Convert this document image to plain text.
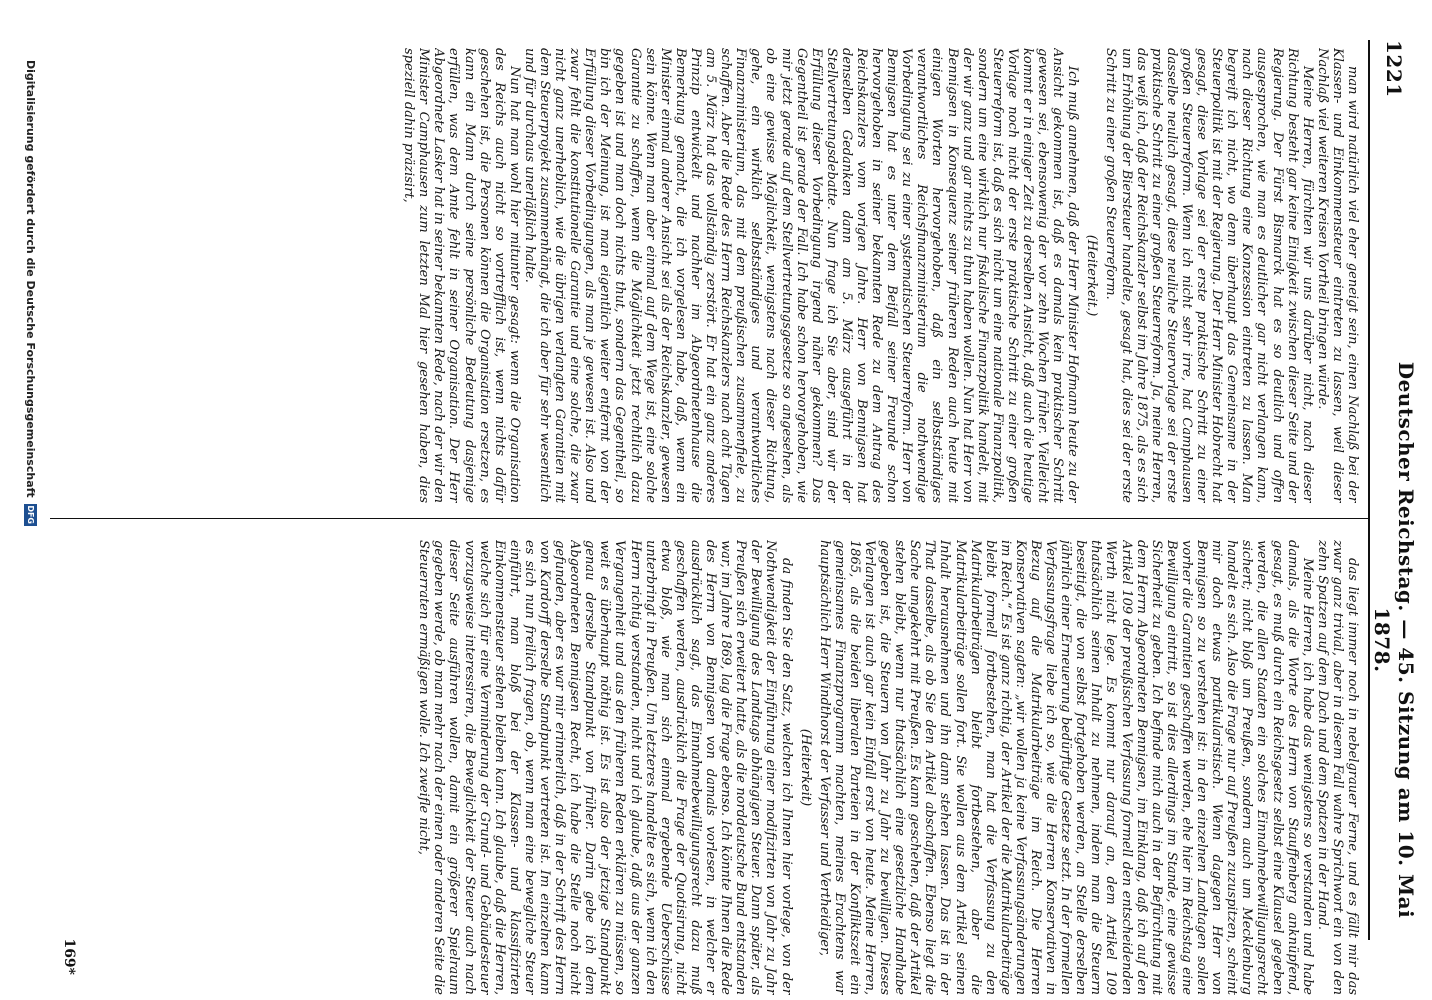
1221
Deutscher Reichstag. — 45. Sitzung am 10. Mai 1878.

man wird natürlich viel eher geneigt sein, einen Nachlaß bei der Klassen- und Einkommensteuer eintreten zu lassen, weil dieser Nachlaß viel weiteren Kreisen Vortheil bringen würde.

Meine Herren, fürchten wir uns darüber nicht, nach dieser Richtung besteht gar keine Einigkeit zwischen dieser Seite und der Regierung. Der Fürst Bismarck hat es so deutlich und offen ausgesprochen, wie man es deutlicher gar nicht verlangen kann, nach dieser Richtung eine Konzession eintreten zu lassen. Man begreift ich nicht, wo denn überhaupt das Gemeinsame in der Steuerpolitik ist mit der Regierung. Der Herr Minister Hobrecht hat gesagt, diese Vorlage sei der erste praktische Schritt zu einer großen Steuerreform. Wenn ich nicht sehr irre, hat Camphausen dasselbe neulich gesagt, diese neuliche Steuervorlage sei der erste praktische Schritt zu einer großen Steuerreform. Ja, meine Herren, das weiß ich, daß der Reichskanzler selbst im Jahre 1875, als es sich um Erhöhung der Biersteuer handelte, gesagt hat, dies sei der erste Schritt zu einer großen Steuerreform.

(Heiterkeit.)

Ich muß annehmen, daß der Herr Minister Hofmann heute zu der Ansicht gekommen ist, daß es damals kein praktischer Schritt gewesen sei, ebensowenig der vor zehn Wochen früher. Vielleicht kommt er in einiger Zeit zu derselben Ansicht, daß auch die heutige Vorlage noch nicht der erste praktische Schritt zu einer großen Steuerreform ist, daß es sich nicht um eine nationale Finanzpolitik, sondern um eine wirklich nur fiskalische Finanzpolitik handelt, mit der wir ganz und gar nichts zu thun haben wollen. Nun hat Herr von Bennigsen in Konsequenz seiner früheren Reden auch heute mit einigen Worten hervorgehoben, daß ein selbstständiges verantwortliches Reichsfinanzministerium die nothwendige Vorbedingung sei zu einer systematischen Steuerreform. Herr von Bennigsen hat es unter dem Beifall seiner Freunde schon hervorgehoben in seiner bekannten Rede zu dem Antrag des Reichskanzlers vom vorigen Jahre. Herr von Bennigsen hat denselben Gedanken dann am 5. März ausgeführt in der Stellvertretungsdebatte. Nun frage ich Sie aber, sind wir der Erfüllung dieser Vorbedingung irgend näher gekommen? Das Gegentheil ist gerade der Fall. Ich habe schon hervorgehoben, wie mir jetzt gerade auf dem Stellvertretungsgesetze so angesehen, als ob eine gewisse Möglichkeit, wenigstens nach dieser Richtung, gehe, ein wirklich selbstständiges und verantwortliches Finanzministerium, das mit dem preußischen zusammenfiele, zu schaffen. Aber die Rede des Herrn Reichskanzlers nach acht Tagen am 5. März hat das vollständig zerstört. Er hat ein ganz anderes Prinzip entwickelt und nachher im Abgeordnetenhause die Bemerkung gemacht, die ich vorgelesen habe, daß, wenn ein Minister einmal anderer Ansicht sei als der Reichskanzler, gewesen sein könne. Wenn man aber einmal auf dem Wege ist, eine solche Garantie zu schaffen, wenn die Möglichkeit jetzt rechtlich dazu gegeben ist und man doch nichts thut, sondern das Gegentheil, so bin ich der Meinung, ist man eigentlich weiter entfernt von der Erfüllung dieser Vorbedingungen, als man je gewesen ist. Also und zwar fehlt die konstitutionelle Garantie und eine solche, die zwar nicht ganz unerheblich, wie die übrigen verlangten Garantien mit dem Steuerprojekt zusammenhängt, die ich aber für sehr wesentlich und für durchaus unerläßlich halte.

Nun hat man wohl hier mitunter gesagt: wenn die Organisation des Reichs auch nicht so vortrefflich ist, wenn nichts dafür geschehen ist, die Personen können die Organisation ersetzen, es kann ein Mann durch seine persönliche Bedeutung dasjenige erfüllen, was dem Amte fehlt in seiner Organisation. Der Herr Abgeordnete Lasker hat in seiner bekannten Rede, nach der wir den Minister Camphausen zum letzten Mal hier gesehen haben, dies speziell dahin präzisirt,

das liegt immer noch in nebelgrauer Ferne, und es fällt mir das zwar ganz trivial, aber in diesem Fall wahre Sprichwort ein von den zehn Spatzen auf dem Dach und dem Spatzen in der Hand.

Meine Herren, ich habe das wenigstens so verstanden und habe damals, als die Worte des Herrn von Stauffenberg anknüpfend, gesagt, es muß durch ein Reichsgesetz selbst eine Klausel gegeben werden, die allen Staaten ein solches Einnahmebewilligungsrecht sichert; nicht bloß um Preußen, sondern auch um Mecklenburg handelt es sich. Also die Frage nur auf Preußen zuzuspitzen, scheint mir doch etwas partikularistisch. Wenn dagegen Herr von Bennigsen so zu verstehen ist: in den einzelnen Landtagen sollen vorher die Garantien geschaffen werden, ehe hier im Reichstag eine Bewilligung eintritt, so ist dies allerdings im Stande, eine gewisse Sicherheit zu geben. Ich befinde mich auch in der Befürchtung mit dem Herrn Abgeordneten Bennigsen, im Einklang, daß ich auf den Artikel 109 der preußischen Verfassung formell den entscheidenden Werth nicht lege. Es kommt nur darauf an, dem Artikel 109 thatsächlich seinen Inhalt zu nehmen, indem man die Steuern beseitigt, die von selbst fortgehoben werden, an Stelle derselben jährlich einer Erneuerung bedürftige Gesetze setzt. In der formellen Verfassungsfrage liebe ich so, wie die Herren Konservativen in Bezug auf die Matrikularbeiträge im Reich. Die Herren Konservativen sagten: „wir wollen ja keine Verfassungsänderungen im Reich.“ Es ist ganz richtig, der Artikel der die Matrikularbeiträge bleibt formell fortbestehen, man hat die Verfassung zu den Matrikularbeiträgen bleibt fortbestehen, aber die Matrikularbeiträge sollen fort. Sie wollen aus dem Artikel seinen Inhalt herausnehmen und ihn dann stehen lassen. Das ist in der That dasselbe, als ob Sie den Artikel abschaffen. Ebenso liegt die Sache umgekehrt mit Preußen. Es kann geschehen, daß der Artikel stehen bleibt, wenn nur thatsächlich eine gesetzliche Handhabe gegeben ist, die Steuern von Jahr zu Jahr zu bewilligen. Dieses Verlangen ist auch gar kein Einfall erst von heute. Meine Herren, 1865, als die beiden liberalen Parteien in der Konfliktszeit ein gemeinsames Finanzprogramm machten, meines Erachtens war hauptsächlich Herr Windthorst der Verfasser und Vertheidiger,

(Heiterkeit)

da finden Sie den Satz, welchen ich Ihnen hier vorlege, von der Nothwendigkeit der Einführung einer modifizirten von Jahr zu Jahr der Bewilligung des Landtags abhängigen Steuer. Dann später, als Preußen sich erweitert hatte, als die norddeutsche Bund entstanden war, im Jahre 1869, lag die Frage ebenso. Ich könnte Ihnen die Rede des Herrn von Bennigsen von damals vorlesen, in welcher er ausdrücklich sagt, das Einnahmebewilligungsrecht dazu muß geschaffen werden, ausdrücklich die Frage der Quotisirung, nicht etwa bloß, wie man sich einmal ergebende Ueberschüsse unterbringt in Preußen. Um letzteres handelte es sich, wenn ich den Herrn richtig verstanden, nicht und ich glaube, daß aus der ganzen Vergangenheit und aus den früheren Reden erklären zu müssen, so weit es überhaupt nöthig ist. Es ist also der jetzige Standpunkt genau derselbe Standpunkt von früher. Darin gebe ich dem Abgeordneten Bennigsen Recht, ich habe die Stelle noch nicht gefunden, aber es war mir erinnerlich, daß in der Schrift des Herrn von Kardorff derselbe Standpunkt vertreten ist. Im einzelnen kann es sich nun freilich fragen, ob, wenn man eine bewegliche Steuer einführt, man bloß bei der Klassen- und klassifizirten Einkommensteuer stehen bleiben kann. Ich glaube, daß die Herren, welche sich für eine Verminderung der Grund- und Gebäudesteuer vorzugsweise interessiren, die Beweglichkeit der Steuer auch nach dieser Seite ausführen wollen, damit ein größerer Spielraum gegeben werde, ob man mehr nach der einen oder anderen Seite die Steuerraten ermäßigen wolle. Ich zweifle nicht,

169*
Digitalisierung gefördert durch die Deutsche Forschungsgemeinschaft
DFG
